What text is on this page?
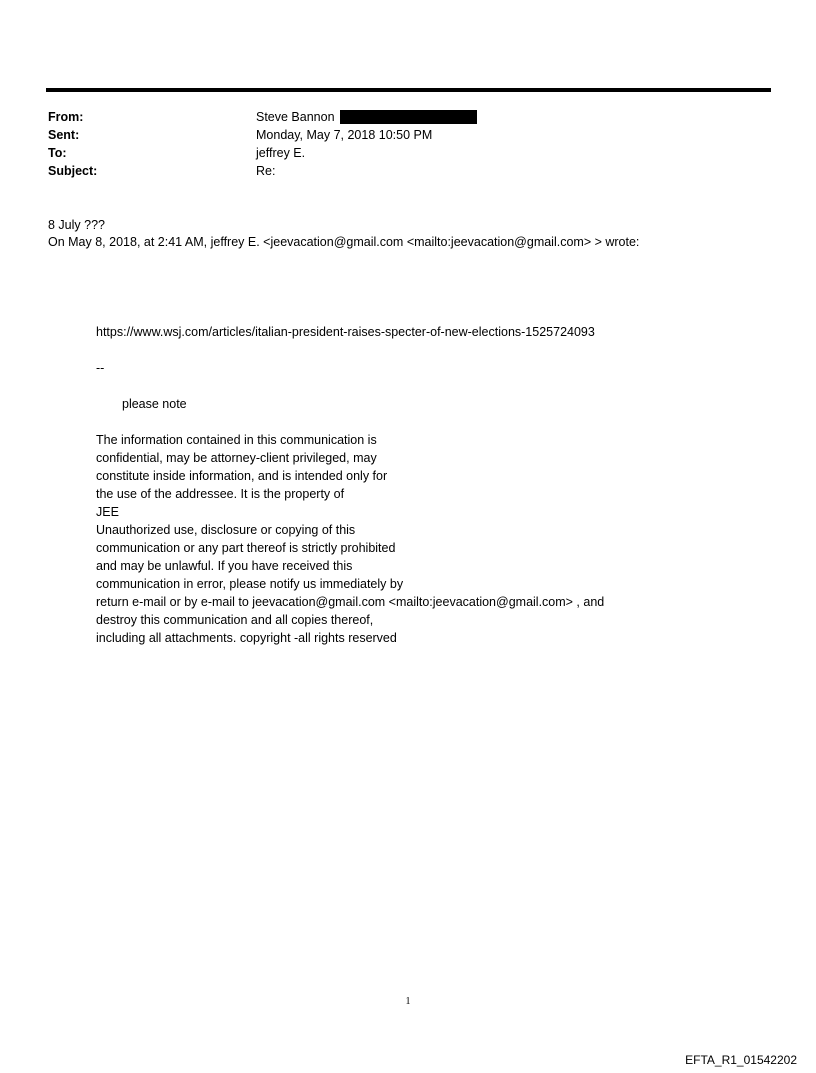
From:	Steve Bannon
Sent:	Monday, May 7, 2018 10:50 PM
To:	jeffrey E.
Subject:	Re:
8 July ???
On May 8, 2018, at 2:41 AM, jeffrey E. <jeevacation@gmail.com <mailto:jeevacation@gmail.com> > wrote:
https://www.wsj.com/articles/italian-president-raises-specter-of-new-elections-1525724093
--
please note
The information contained in this communication is
confidential, may be attorney-client privileged, may
constitute inside information, and is intended only for
the use of the addressee. It is the property of
JEE
Unauthorized use, disclosure or copying of this
communication or any part thereof is strictly prohibited
and may be unlawful. If you have received this
communication in error, please notify us immediately by
return e-mail or by e-mail to jeevacation@gmail.com <mailto:jeevacation@gmail.com> , and
destroy this communication and all copies thereof,
including all attachments. copyright -all rights reserved
1
EFTA_R1_01542202
